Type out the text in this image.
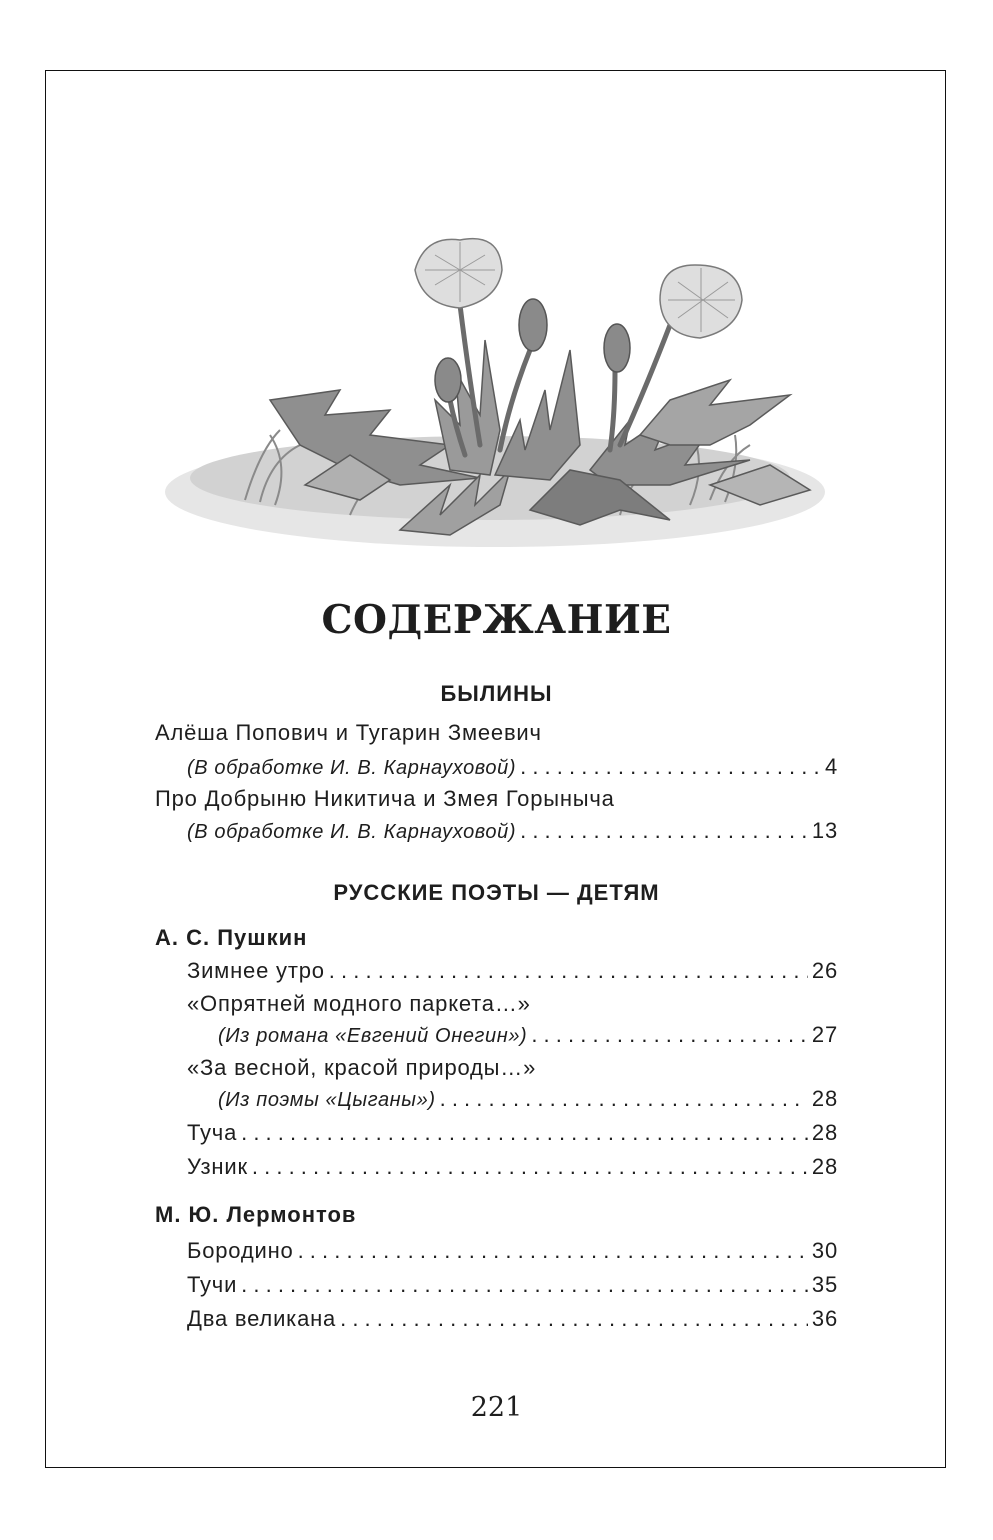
СОДЕРЖАНИЕ
БЫЛИНЫ
Алёша Попович и Тугарин Змеевич
(В обработке И. В. Карнауховой) . . .	4
Про Добрыню Никитича и Змея Горыныча
(В обработке И. В. Карнауховой) . . .	13
РУССКИЕ ПОЭТЫ — ДЕТЯМ
А. С. Пушкин
Зимнее утро . . .	26
«Опрятней модного паркета…»
(Из романа «Евгений Онегин») . . .	27
«За весной, красой природы…»
(Из поэмы «Цыганы») . . .	28
Туча . . .	28
Узник . . .	28
М. Ю. Лермонтов
Бородино . . .	30
Тучи . . .	35
Два великана . . .	36
221
